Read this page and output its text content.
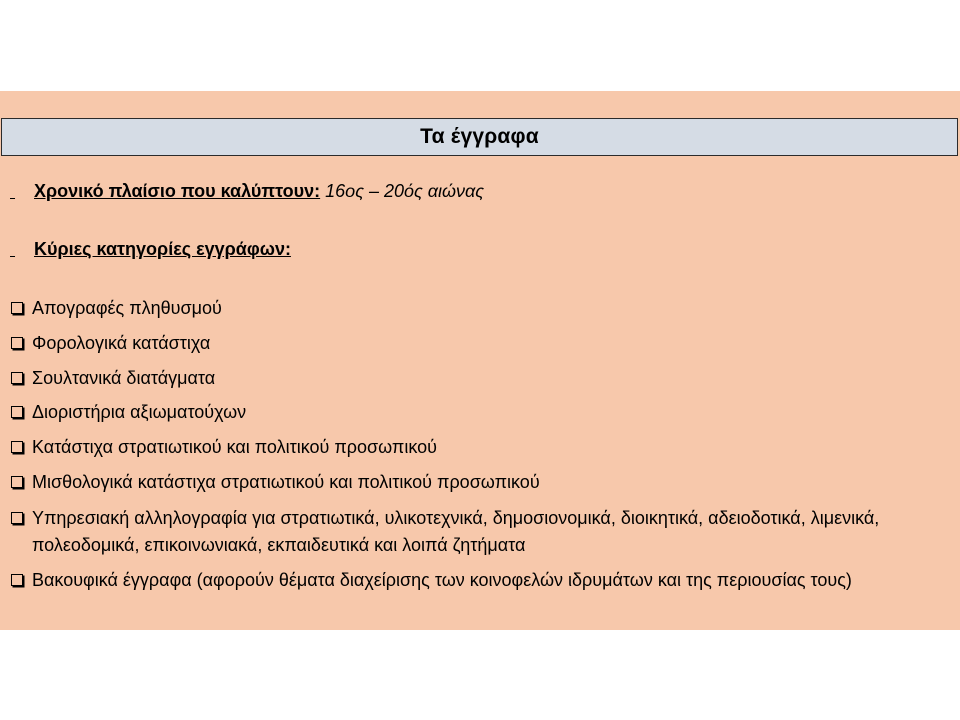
Τα έγγραφα
Χρονικό πλαίσιο που καλύπτουν: 16ος – 20ός αιώνας
Κύριες κατηγορίες εγγράφων:
Απογραφές πληθυσμού
Φορολογικά κατάστιχα
Σουλτανικά διατάγματα
Διοριστήρια αξιωματούχων
Κατάστιχα στρατιωτικού και πολιτικού προσωπικού
Μισθολογικά κατάστιχα στρατιωτικού και πολιτικού προσωπικού
Υπηρεσιακή αλληλογραφία για στρατιωτικά, υλικοτεχνικά, δημοσιονομικά, διοικητικά, αδειοδοτικά, λιμενικά, πολεοδομικά, επικοινωνιακά, εκπαιδευτικά και λοιπά ζητήματα
Βακουφικά έγγραφα (αφορούν θέματα διαχείρισης των κοινοφελών ιδρυμάτων και της περιουσίας τους)
